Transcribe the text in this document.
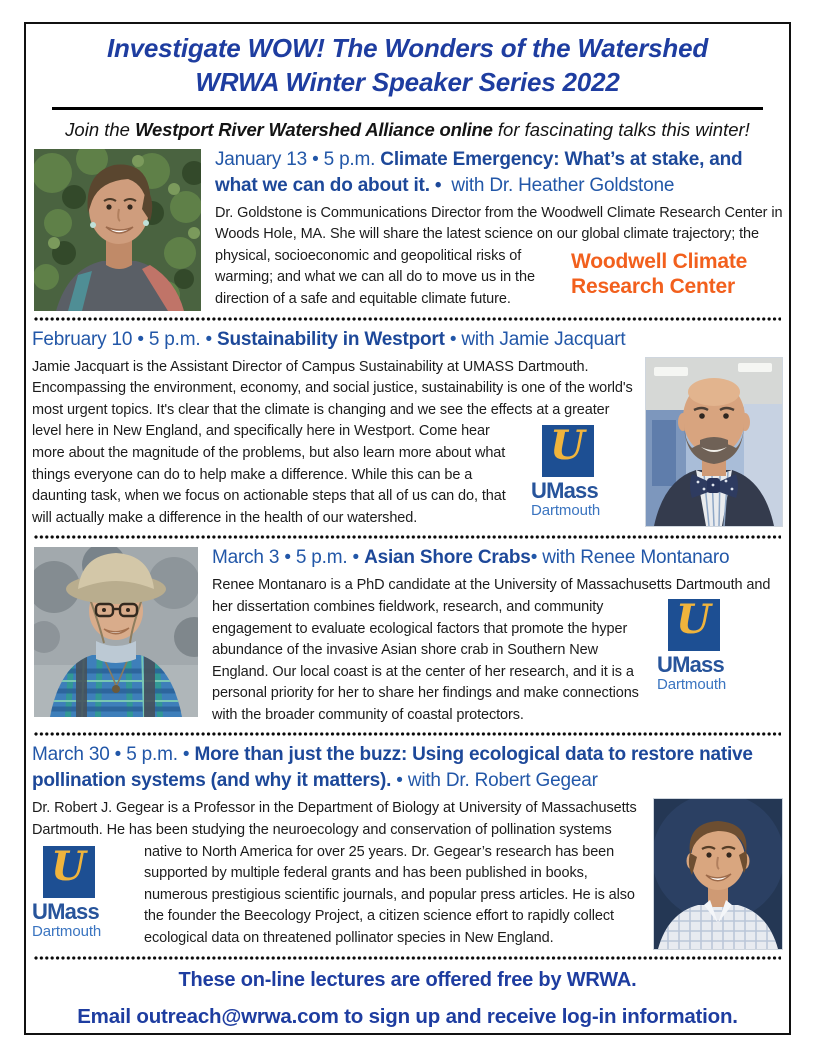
Investigate WOW! The Wonders of the Watershed
WRWA Winter Speaker Series 2022
Join the Westport River Watershed Alliance online for fascinating talks this winter!
January 13 • 5 p.m. Climate Emergency: What’s at stake, and what we can do about it. • with Dr. Heather Goldstone

Dr. Goldstone is Communications Director from the Woodwell Climate Research Center in Woods Hole, MA. She will share the latest science on our global climate
Woodwell Climate
Research Center
trajectory; the physical, socioeconomic and geopolitical risks of warming; and what we can all do to move us in the direction of a safe and equitable climate future.

February 10 • 5 p.m. • Sustainability in Westport • with Jamie Jacquart

Jamie Jacquart is the Assistant Director of Campus Sustainability at UMASS Dartmouth. Encompassing the environment, economy, and social justice, sustainability is one of the world's most urgent topics. It's clear that the climate is changing and we see the effects at a greater level here in New England, and specifically here in Westport.	U
UMass
Dartmouth
Come hear more about the magnitude of the problems, but also learn more about what things everyone can do to help make a difference. While this can be a daunting task, when we focus on actionable steps that all of us can do, that will actually make a difference in the health of our watershed.

March 3 • 5 p.m. • Asian Shore Crabs• with Renee Montanaro

Renee Montanaro is a PhD candidate at the University of Massachusetts
U
UMass
Dartmouth
Dartmouth and her dissertation combines fieldwork, research, and community engagement to evaluate ecological factors that promote the hyper abundance of the invasive Asian shore crab in Southern New England. Our local coast is at the center of her research, and it is a personal priority for her to share her findings and make connections with the broader community of coastal protectors.

March 30 • 5 p.m. • More than just the buzz: Using ecological data to restore native pollination systems (and why it matters). • with Dr. Robert Gegear

Dr. Robert J. Gegear is a Professor in the Department of Biology at University of Massachusetts Dartmouth. He has been studying the neuroecology and conservation of pollination systems native to North America for over 25 years. Dr. Gegear’s research
U
UMass
Dartmouth
has been supported by multiple federal grants and has been published in books, numerous prestigious scientific journals, and popular press articles. He is also the founder the Beecology Project, a citizen science effort to rapidly collect ecological data on threatened pollinator species in New England.

These on-line lectures are offered free by WRWA.
Email outreach@wrwa.com to sign up and receive log-in information.
